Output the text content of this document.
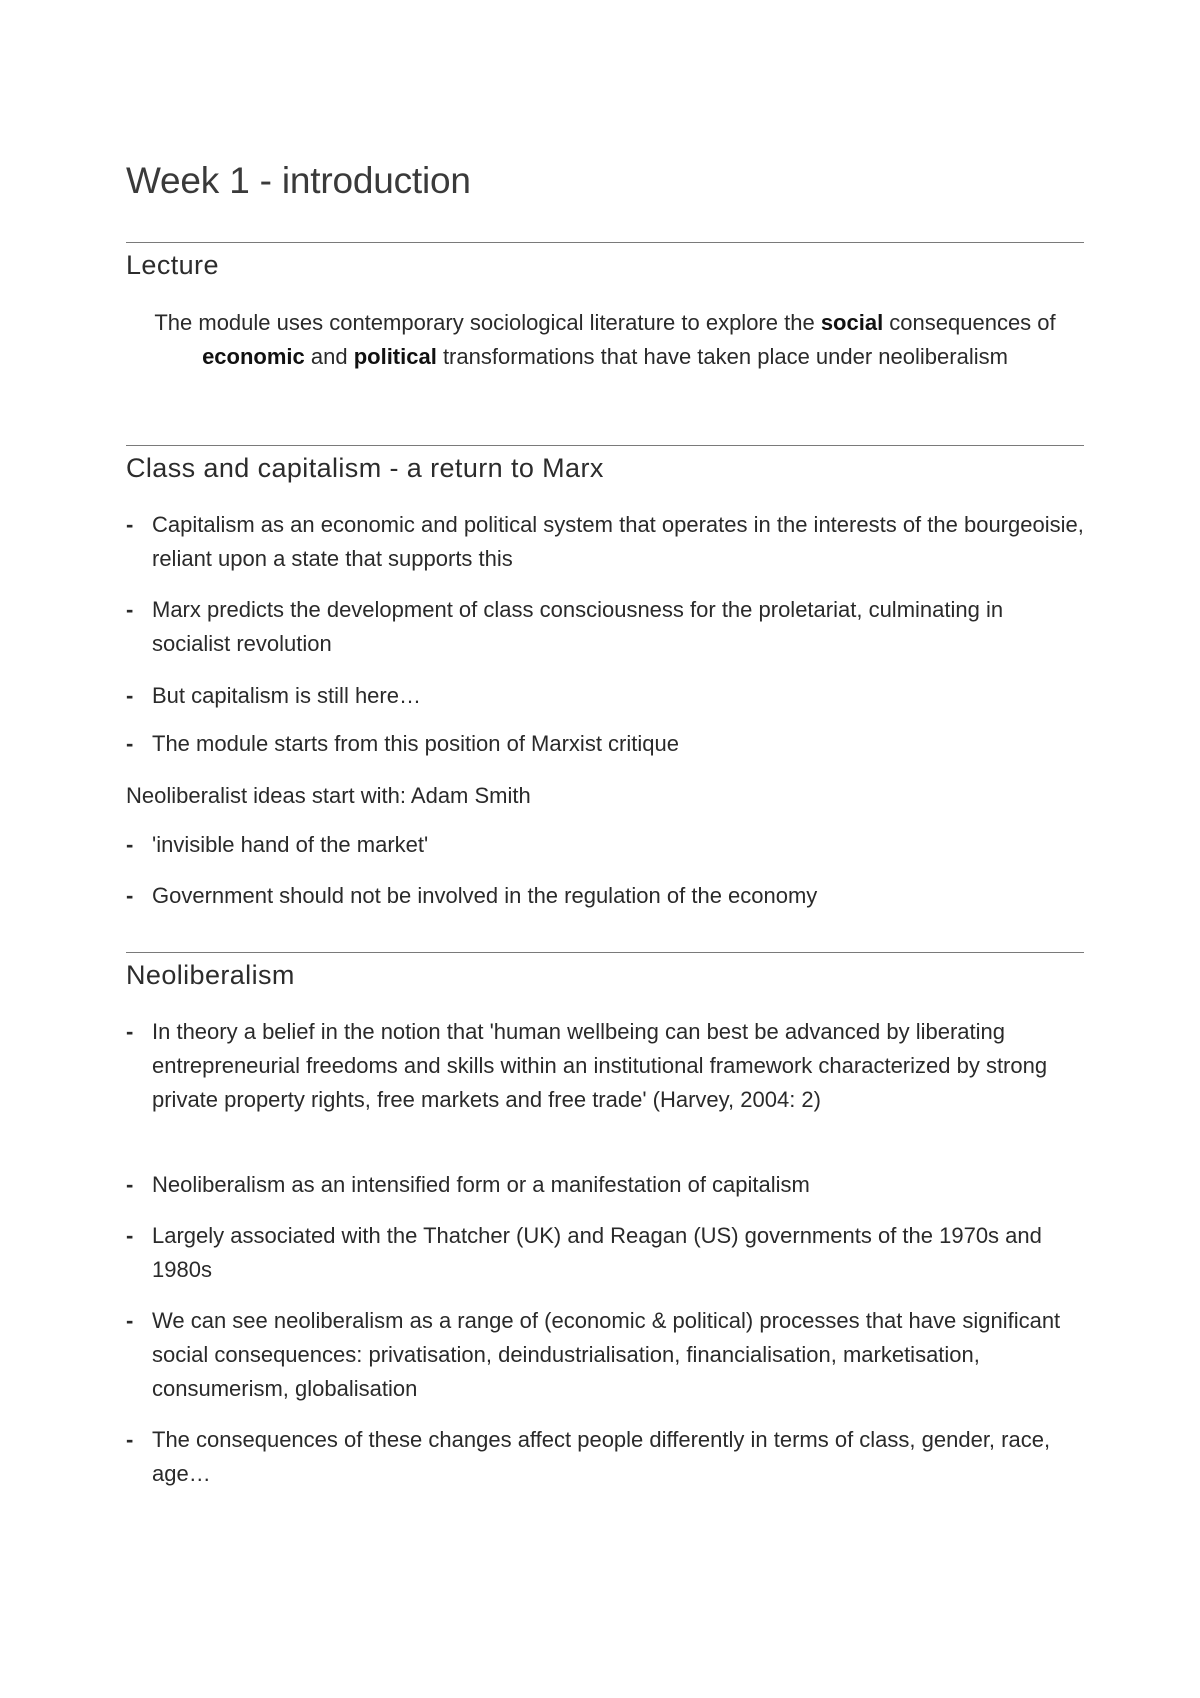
Week 1 - introduction
Lecture

The module uses contemporary sociological literature to explore the social consequences of economic and political transformations that have taken place under neoliberalism

Class and capitalism - a return to Marx
- Capitalism as an economic and political system that operates in the interests of the bourgeoisie, reliant upon a state that supports this
- Marx predicts the development of class consciousness for the proletariat, culminating in socialist revolution
- But capitalism is still here…
- The module starts from this position of Marxist critique
Neoliberalist ideas start with: Adam Smith
- 'invisible hand of the market'
- Government should not be involved in the regulation of the economy
Neoliberalism
- In theory a belief in the notion that 'human wellbeing can best be advanced by liberating entrepreneurial freedoms and skills within an institutional framework characterized by strong private property rights, free markets and free trade' (Harvey, 2004: 2)
- Neoliberalism as an intensified form or a manifestation of capitalism
- Largely associated with the Thatcher (UK) and Reagan (US) governments of the 1970s and 1980s
- We can see neoliberalism as a range of (economic & political) processes that have significant social consequences: privatisation, deindustrialisation, financialisation, marketisation, consumerism, globalisation
- The consequences of these changes affect people differently in terms of class, gender, race, age…
